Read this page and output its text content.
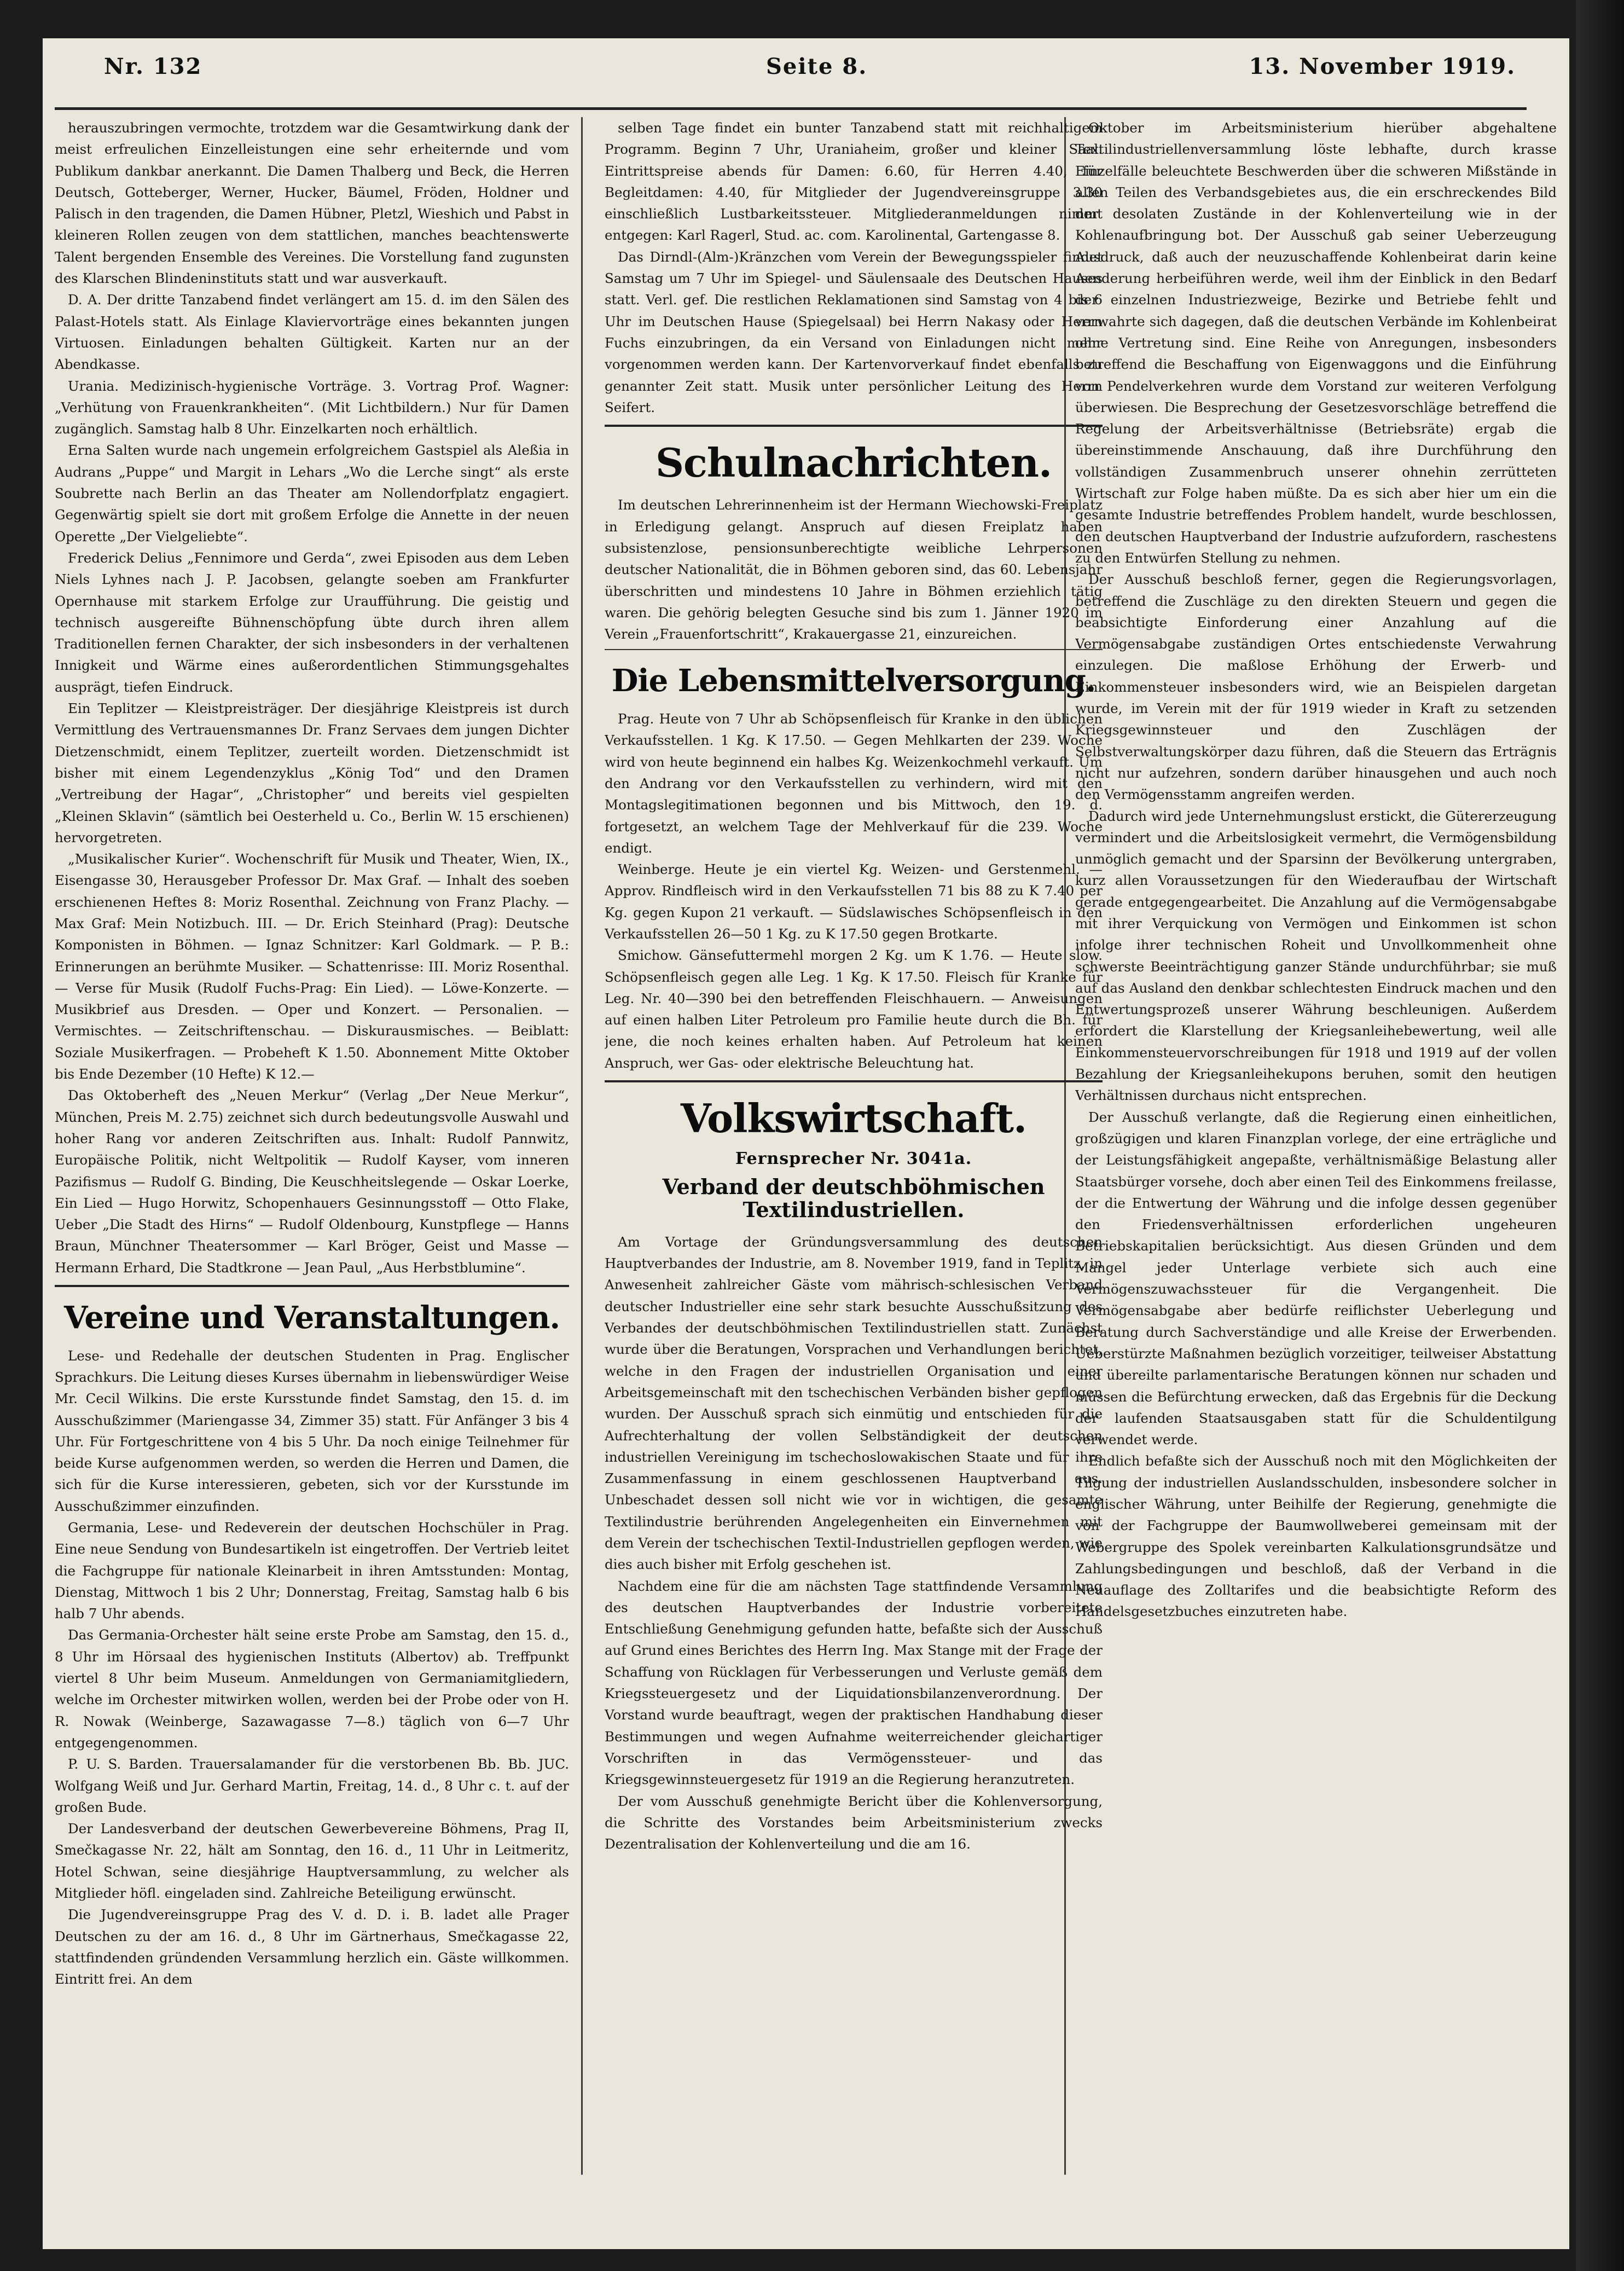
Nr. 132	Seite 8.	13. November 1919.

herauszubringen vermochte, trotzdem war die Gesamtwirkung dank der meist erfreulichen Einzelleistungen eine sehr erheiternde und vom Publikum dankbar anerkannt. Die Damen Thalberg und Beck, die Herren Deutsch, Gotteberger, Werner, Hucker, Bäumel, Fröden, Holdner und Palisch in den tragenden, die Damen Hübner, Pletzl, Wieshich und Pabst in kleineren Rollen zeugen von dem stattlichen, manches beachtenswerte Talent bergenden Ensemble des Vereines. Die Vorstellung fand zugunsten des Klarschen Blindeninstituts statt und war ausverkauft.

D. A. Der dritte Tanzabend findet verlängert am 15. d. im den Sälen des Palast-Hotels statt. Als Einlage Klaviervorträge eines bekannten jungen Virtuosen. Einladungen behalten Gültigkeit. Karten nur an der Abendkasse.

Urania. Medizinisch-hygienische Vorträge. 3. Vortrag Prof. Wagner: „Verhütung von Frauenkrankheiten“. (Mit Lichtbildern.) Nur für Damen zugänglich. Samstag halb 8 Uhr. Einzelkarten noch erhältlich.

Erna Salten wurde nach ungemein erfolgreichem Gastspiel als Aleßia in Audrans „Puppe“ und Margit in Lehars „Wo die Lerche singt“ als erste Soubrette nach Berlin an das Theater am Nollendorfplatz engagiert. Gegenwärtig spielt sie dort mit großem Erfolge die Annette in der neuen Operette „Der Vielgeliebte“.

Frederick Delius „Fennimore und Gerda“, zwei Episoden aus dem Leben Niels Lyhnes nach J. P. Jacobsen, gelangte soeben am Frankfurter Opernhause mit starkem Erfolge zur Uraufführung. Die geistig und technisch ausgereifte Bühnenschöpfung übte durch ihren allem Traditionellen fernen Charakter, der sich insbesonders in der verhaltenen Innigkeit und Wärme eines außerordentlichen Stimmungsgehaltes ausprägt, tiefen Eindruck.

Ein Teplitzer — Kleistpreisträger. Der diesjährige Kleistpreis ist durch Vermittlung des Vertrauensmannes Dr. Franz Servaes dem jungen Dichter Dietzenschmidt, einem Teplitzer, zuerteilt worden. Dietzenschmidt ist bisher mit einem Legendenzyklus „König Tod“ und den Dramen „Vertreibung der Hagar“, „Christopher“ und bereits viel gespielten „Kleinen Sklavin“ (sämtlich bei Oesterheld u. Co., Berlin W. 15 erschienen) hervorgetreten.

„Musikalischer Kurier“. Wochenschrift für Musik und Theater, Wien, IX., Eisengasse 30, Herausgeber Professor Dr. Max Graf. — Inhalt des soeben erschienenen Heftes 8: Moriz Rosenthal. Zeichnung von Franz Plachy. — Max Graf: Mein Notizbuch. III. — Dr. Erich Steinhard (Prag): Deutsche Komponisten in Böhmen. — Ignaz Schnitzer: Karl Goldmark. — P. B.: Erinnerungen an berühmte Musiker. — Schattenrisse: III. Moriz Rosenthal. — Verse für Musik (Rudolf Fuchs-Prag: Ein Lied). — Löwe-Konzerte. — Musikbrief aus Dresden. — Oper und Konzert. — Personalien. — Vermischtes. — Zeitschriftenschau. — Diskurausmisches. — Beiblatt: Soziale Musikerfragen. — Probeheft K 1.50. Abonnement Mitte Oktober bis Ende Dezember (10 Hefte) K 12.—

Das Oktoberheft des „Neuen Merkur“ (Verlag „Der Neue Merkur“, München, Preis M. 2.75) zeichnet sich durch bedeutungsvolle Auswahl und hoher Rang vor anderen Zeitschriften aus. Inhalt: Rudolf Pannwitz, Europäische Politik, nicht Weltpolitik — Rudolf Kayser, vom inneren Pazifismus — Rudolf G. Binding, Die Keuschheitslegende — Oskar Loerke, Ein Lied — Hugo Horwitz, Schopenhauers Gesinnungsstoff — Otto Flake, Ueber „Die Stadt des Hirns“ — Rudolf Oldenbourg, Kunstpflege — Hanns Braun, Münchner Theatersommer — Karl Bröger, Geist und Masse — Hermann Erhard, Die Stadtkrone — Jean Paul, „Aus Herbstblumine“.

Vereine und Veranstaltungen.

Lese- und Redehalle der deutschen Studenten in Prag. Englischer Sprachkurs. Die Leitung dieses Kurses übernahm in liebenswürdiger Weise Mr. Cecil Wilkins. Die erste Kursstunde findet Samstag, den 15. d. im Ausschußzimmer (Mariengasse 34, Zimmer 35) statt. Für Anfänger 3 bis 4 Uhr. Für Fortgeschrittene von 4 bis 5 Uhr. Da noch einige Teilnehmer für beide Kurse aufgenommen werden, so werden die Herren und Damen, die sich für die Kurse interessieren, gebeten, sich vor der Kursstunde im Ausschußzimmer einzufinden.

Germania, Lese- und Redeverein der deutschen Hochschüler in Prag. Eine neue Sendung von Bundesartikeln ist eingetroffen. Der Vertrieb leitet die Fachgruppe für nationale Kleinarbeit in ihren Amtsstunden: Montag, Dienstag, Mittwoch 1 bis 2 Uhr; Donnerstag, Freitag, Samstag halb 6 bis halb 7 Uhr abends.

Das Germania-Orchester hält seine erste Probe am Samstag, den 15. d., 8 Uhr im Hörsaal des hygienischen Instituts (Albertov) ab. Treffpunkt viertel 8 Uhr beim Museum. Anmeldungen von Germaniamitgliedern, welche im Orchester mitwirken wollen, werden bei der Probe oder von H. R. Nowak (Weinberge, Sazawagasse 7—8.) täglich von 6—7 Uhr entgegengenommen.

P. U. S. Barden. Trauersalamander für die verstorbenen Bb. Bb. JUC. Wolfgang Weiß und Jur. Gerhard Martin, Freitag, 14. d., 8 Uhr c. t. auf der großen Bude.

Der Landesverband der deutschen Gewerbevereine Böhmens, Prag II, Smečkagasse Nr. 22, hält am Sonntag, den 16. d., 11 Uhr in Leitmeritz, Hotel Schwan, seine diesjährige Hauptversammlung, zu welcher als Mitglieder höfl. eingeladen sind. Zahlreiche Beteiligung erwünscht.

Die Jugendvereinsgruppe Prag des V. d. D. i. B. ladet alle Prager Deutschen zu der am 16. d., 8 Uhr im Gärtnerhaus, Smečkagasse 22, stattfindenden gründenden Versammlung herzlich ein. Gäste willkommen. Eintritt frei. An dem

selben Tage findet ein bunter Tanzabend statt mit reichhaltigem Programm. Beginn 7 Uhr, Uraniaheim, großer und kleiner Saal. Eintrittspreise abends für Damen: 6.60, für Herren 4.40, für Begleitdamen: 4.40, für Mitglieder der Jugendvereinsgruppe 3.30 einschließlich Lustbarkeitssteuer. Mitgliederanmeldungen nimmt entgegen: Karl Ragerl, Stud. ac. com. Karolinental, Gartengasse 8.

Das Dirndl-(Alm-)Kränzchen vom Verein der Bewegungsspieler findet Samstag um 7 Uhr im Spiegel- und Säulensaale des Deutschen Hauses statt. Verl. gef. Die restlichen Reklamationen sind Samstag von 4 bis 6 Uhr im Deutschen Hause (Spiegelsaal) bei Herrn Nakasy oder Herrn Fuchs einzubringen, da ein Versand von Einladungen nicht mehr vorgenommen werden kann. Der Kartenvorverkauf findet ebenfalls zu genannter Zeit statt. Musik unter persönlicher Leitung des Herrn Seifert.

Schulnachrichten.

Im deutschen Lehrerinnenheim ist der Hermann Wiechowski-Freiplatz in Erledigung gelangt. Anspruch auf diesen Freiplatz haben subsistenzlose, pensionsunberechtigte weibliche Lehrpersonen deutscher Nationalität, die in Böhmen geboren sind, das 60. Lebensjahr überschritten und mindestens 10 Jahre in Böhmen erziehlich tätig waren. Die gehörig belegten Gesuche sind bis zum 1. Jänner 1920 im Verein „Frauenfortschritt“, Krakauergasse 21, einzureichen.

Die Lebensmittelversorgung.

Prag. Heute von 7 Uhr ab Schöpsenfleisch für Kranke in den üblichen Verkaufsstellen. 1 Kg. K 17.50. — Gegen Mehlkarten der 239. Woche wird von heute beginnend ein halbes Kg. Weizenkochmehl verkauft. Um den Andrang vor den Verkaufsstellen zu verhindern, wird mit den Montagslegitimationen begonnen und bis Mittwoch, den 19. d. fortgesetzt, an welchem Tage der Mehlverkauf für die 239. Woche endigt.

Weinberge. Heute je ein viertel Kg. Weizen- und Gerstenmehl. — Approv. Rindfleisch wird in den Verkaufsstellen 71 bis 88 zu K 7.40 per Kg. gegen Kupon 21 verkauft. — Südslawisches Schöpsenfleisch in den Verkaufsstellen 26—50 1 Kg. zu K 17.50 gegen Brotkarte.

Smichow. Gänsefuttermehl morgen 2 Kg. um K 1.76. — Heute slow. Schöpsenfleisch gegen alle Leg. 1 Kg. K 17.50. Fleisch für Kranke für Leg. Nr. 40—390 bei den betreffenden Fleischhauern. — Anweisungen auf einen halben Liter Petroleum pro Familie heute durch die Bh. für jene, die noch keines erhalten haben. Auf Petroleum hat keinen Anspruch, wer Gas- oder elektrische Beleuchtung hat.

Volkswirtschaft.
Fernsprecher Nr. 3041a.
Verband der deutschböhmischen Textilindustriellen.

Am Vortage der Gründungsversammlung des deutschen Hauptverbandes der Industrie, am 8. November 1919, fand in Teplitz, in Anwesenheit zahlreicher Gäste vom mährisch-schlesischen Verband deutscher Industrieller eine sehr stark besuchte Ausschußsitzung des Verbandes der deutschböhmischen Textilindustriellen statt. Zunächst wurde über die Beratungen, Vorsprachen und Verhandlungen berichtet, welche in den Fragen der industriellen Organisation und einer Arbeitsgemeinschaft mit den tschechischen Verbänden bisher gepflogen wurden. Der Ausschuß sprach sich einmütig und entschieden für die Aufrechterhaltung der vollen Selbständigkeit der deutschen industriellen Vereinigung im tschechoslowakischen Staate und für ihre Zusammenfassung in einem geschlossenen Hauptverband aus. Unbeschadet dessen soll nicht wie vor in wichtigen, die gesamte Textilindustrie berührenden Angelegenheiten ein Einvernehmen mit dem Verein der tschechischen Textil-Industriellen gepflogen werden, wie dies auch bisher mit Erfolg geschehen ist.

Nachdem eine für die am nächsten Tage stattfindende Versammlung des deutschen Hauptverbandes der Industrie vorbereitete Entschließung Genehmigung gefunden hatte, befaßte sich der Ausschuß auf Grund eines Berichtes des Herrn Ing. Max Stange mit der Frage der Schaffung von Rücklagen für Verbesserungen und Verluste gemäß dem Kriegssteuergesetz und der Liquidationsbilanzenverordnung. Der Vorstand wurde beauftragt, wegen der praktischen Handhabung dieser Bestimmungen und wegen Aufnahme weiterreichender gleichartiger Vorschriften in das Vermögenssteuer- und das Kriegsgewinnsteuergesetz für 1919 an die Regierung heranzutreten.

Der vom Ausschuß genehmigte Bericht über die Kohlenversorgung, die Schritte des Vorstandes beim Arbeitsministerium zwecks Dezentralisation der Kohlenverteilung und die am 16.

Oktober im Arbeitsministerium hierüber abgehaltene Textilindustriellenversammlung löste lebhafte, durch krasse Einzelfälle beleuchtete Beschwerden über die schweren Mißstände in allen Teilen des Verbandsgebietes aus, die ein erschreckendes Bild der desolaten Zustände in der Kohlenverteilung wie in der Kohlenaufbringung bot. Der Ausschuß gab seiner Ueberzeugung Ausdruck, daß auch der neuzuschaffende Kohlenbeirat darin keine Aenderung herbeiführen werde, weil ihm der Einblick in den Bedarf der einzelnen Industriezweige, Bezirke und Betriebe fehlt und verwahrte sich dagegen, daß die deutschen Verbände im Kohlenbeirat ohne Vertretung sind. Eine Reihe von Anregungen, insbesonders betreffend die Beschaffung von Eigenwaggons und die Einführung von Pendelverkehren wurde dem Vorstand zur weiteren Verfolgung überwiesen. Die Besprechung der Gesetzesvorschläge betreffend die Regelung der Arbeitsverhältnisse (Betriebsräte) ergab die übereinstimmende Anschauung, daß ihre Durchführung den vollständigen Zusammenbruch unserer ohnehin zerrütteten Wirtschaft zur Folge haben müßte. Da es sich aber hier um ein die gesamte Industrie betreffendes Problem handelt, wurde beschlossen, den deutschen Hauptverband der Industrie aufzufordern, raschestens zu den Entwürfen Stellung zu nehmen.

Der Ausschuß beschloß ferner, gegen die Regierungsvorlagen, betreffend die Zuschläge zu den direkten Steuern und gegen die beabsichtigte Einforderung einer Anzahlung auf die Vermögensabgabe zuständigen Ortes entschiedenste Verwahrung einzulegen. Die maßlose Erhöhung der Erwerb- und Einkommensteuer insbesonders wird, wie an Beispielen dargetan wurde, im Verein mit der für 1919 wieder in Kraft zu setzenden Kriegsgewinnsteuer und den Zuschlägen der Selbstverwaltungskörper dazu führen, daß die Steuern das Erträgnis nicht nur aufzehren, sondern darüber hinausgehen und auch noch den Vermögensstamm angreifen werden.

Dadurch wird jede Unternehmungslust erstickt, die Gütererzeugung vermindert und die Arbeitslosigkeit vermehrt, die Vermögensbildung unmöglich gemacht und der Sparsinn der Bevölkerung untergraben, kurz allen Voraussetzungen für den Wiederaufbau der Wirtschaft gerade entgegengearbeitet. Die Anzahlung auf die Vermögensabgabe mit ihrer Verquickung von Vermögen und Einkommen ist schon infolge ihrer technischen Roheit und Unvollkommenheit ohne schwerste Beeinträchtigung ganzer Stände undurchführbar; sie muß auf das Ausland den denkbar schlechtesten Eindruck machen und den Entwertungsprozeß unserer Währung beschleunigen. Außerdem erfordert die Klarstellung der Kriegsanleihebewertung, weil alle Einkommensteuervorschreibungen für 1918 und 1919 auf der vollen Bezahlung der Kriegsanleihekupons beruhen, somit den heutigen Verhältnissen durchaus nicht entsprechen.

Der Ausschuß verlangte, daß die Regierung einen einheitlichen, großzügigen und klaren Finanzplan vorlege, der eine erträgliche und der Leistungsfähigkeit angepaßte, verhältnismäßige Belastung aller Staatsbürger vorsehe, doch aber einen Teil des Einkommens freilasse, der die Entwertung der Währung und die infolge dessen gegenüber den Friedensverhältnissen erforderlichen ungeheuren Betriebskapitalien berücksichtigt. Aus diesen Gründen und dem Mangel jeder Unterlage verbiete sich auch eine Vermögenszuwachssteuer für die Vergangenheit. Die Vermögensabgabe aber bedürfe reiflichster Ueberlegung und Beratung durch Sachverständige und alle Kreise der Erwerbenden. Ueberstürzte Maßnahmen bezüglich vorzeitiger, teilweiser Abstattung und übereilte parlamentarische Beratungen können nur schaden und müssen die Befürchtung erwecken, daß das Ergebnis für die Deckung der laufenden Staatsausgaben statt für die Schuldentilgung verwendet werde.

Endlich befaßte sich der Ausschuß noch mit den Möglichkeiten der Tilgung der industriellen Auslandsschulden, insbesondere solcher in englischer Währung, unter Beihilfe der Regierung, genehmigte die von der Fachgruppe der Baumwollweberei gemeinsam mit der Webergruppe des Spolek vereinbarten Kalkulationsgrundsätze und Zahlungsbedingungen und beschloß, daß der Verband in die Neuauflage des Zolltarifes und die beabsichtigte Reform des Handelsgesetzbuches einzutreten habe.
